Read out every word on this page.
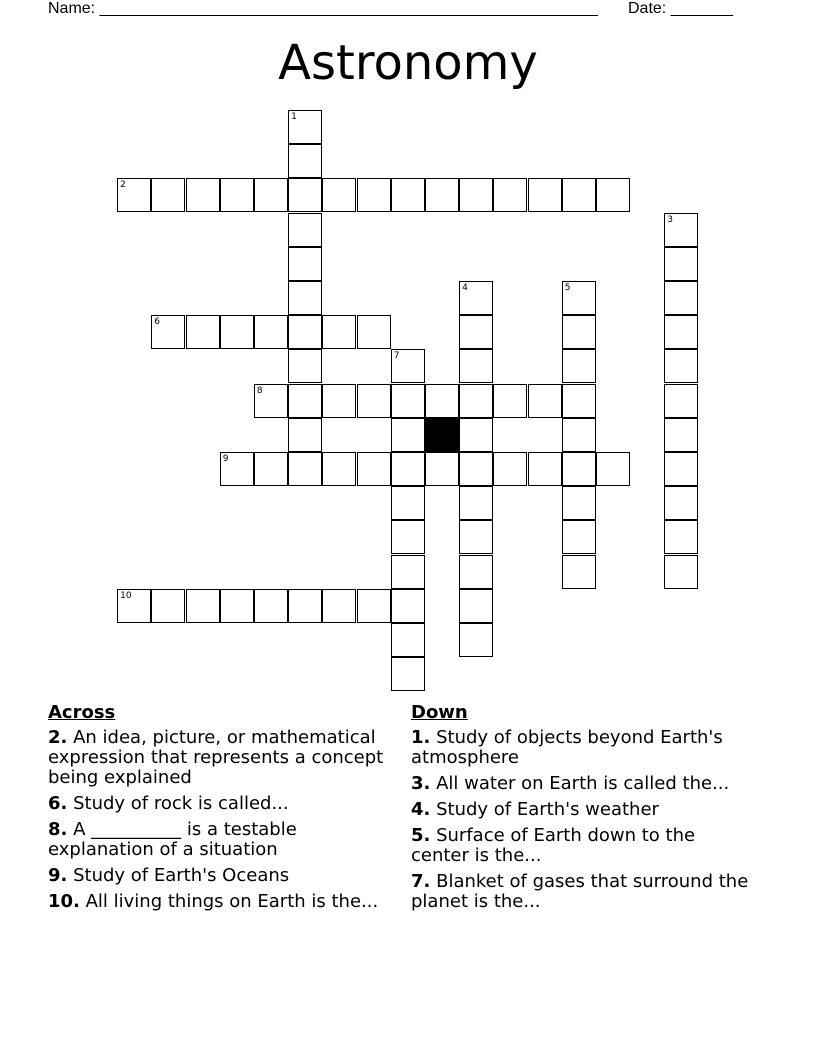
Name: ________________________________________________________ Date: _______
Astronomy
1
2
3
4	5
6
7
8
9
10
Across
2. An idea, picture, or mathematical expression that represents a concept being explained
6. Study of rock is called...
8. A __________ is a testable explanation of a situation
9. Study of Earth's Oceans
10. All living things on Earth is the...
Down
1. Study of objects beyond Earth's atmosphere
3. All water on Earth is called the...
4. Study of Earth's weather
5. Surface of Earth down to the center is the...
7. Blanket of gases that surround the planet is the...
